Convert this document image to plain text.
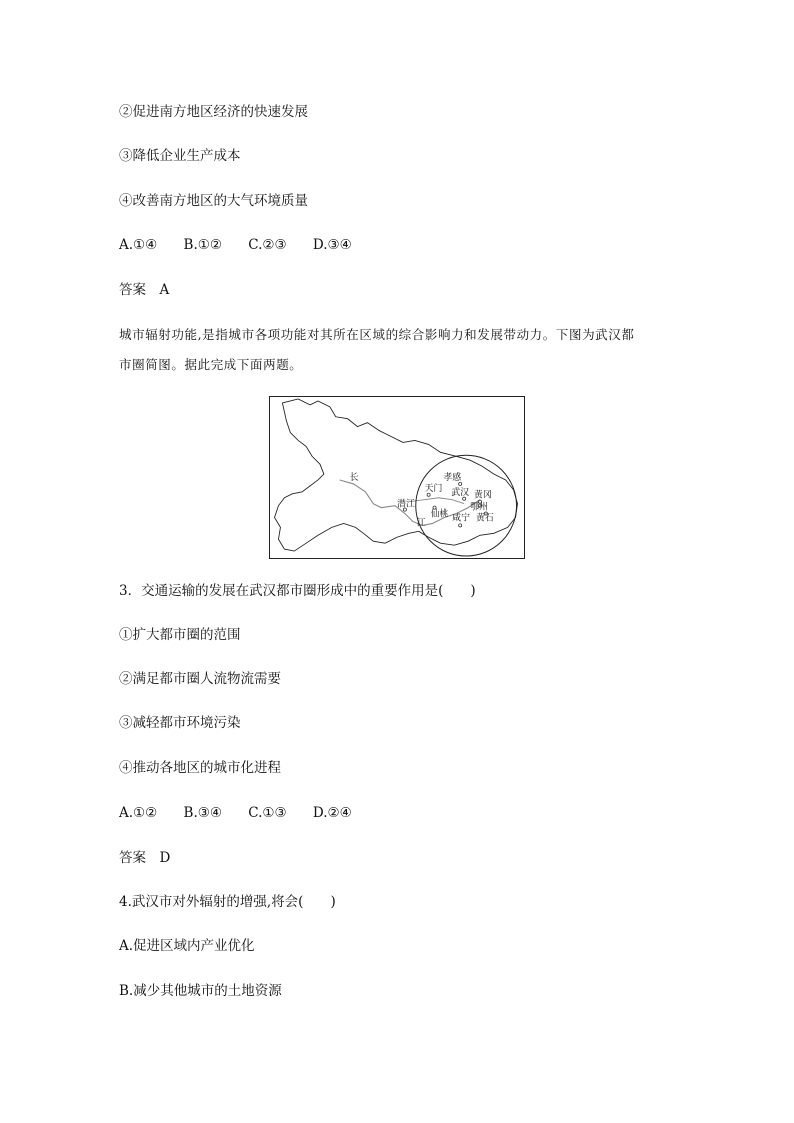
②促进南方地区经济的快速发展
③降低企业生产成本
④改善南方地区的大气环境质量
A.①④ B.①② C.②③ D.③④
答案　A
城市辐射功能,是指城市各项功能对其所在区域的综合影响力和发展带动力。下图为武汉都
市圈简图。据此完成下面两题。
长
江
孝感
天门 武汉 黄冈
潜江	鄂州
仙桃 咸宁 黄石
3．交通运输的发展在武汉都市圈形成中的重要作用是(　　)
①扩大都市圈的范围
②满足都市圈人流物流需要
③减轻都市环境污染
④推动各地区的城市化进程
A.①② B.③④ C.①③ D.②④
答案　D
4.武汉市对外辐射的增强,将会(　　)
A.促进区域内产业优化
B.减少其他城市的土地资源
